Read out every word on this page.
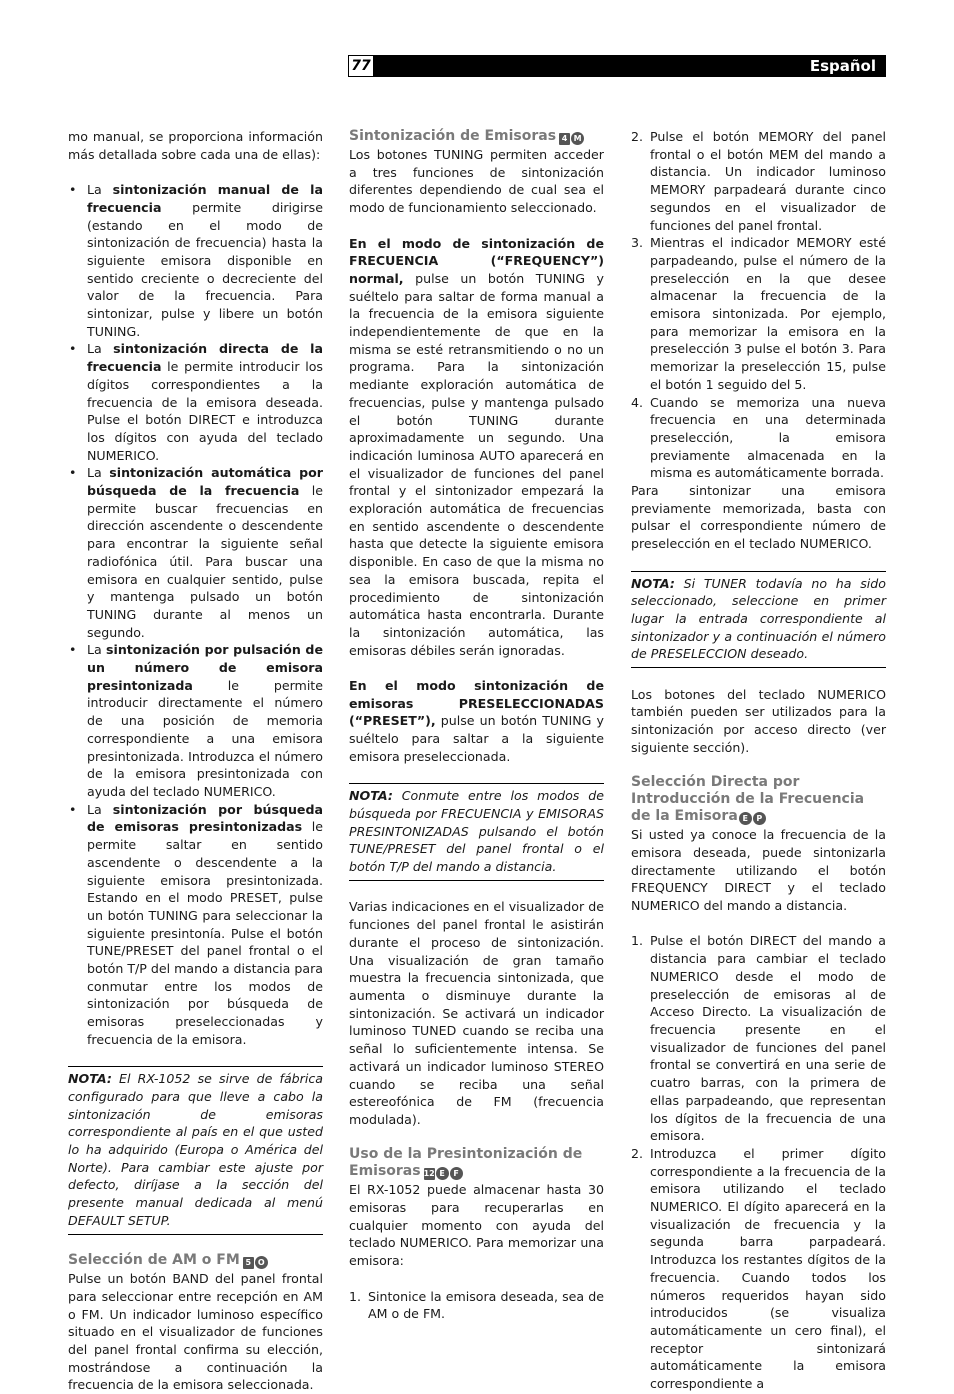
77	Español

mo manual, se proporciona información más detallada sobre cada una de ellas):

• La sintonización manual de la frecuencia permite dirigirse (estando en el modo de sintonización de frecuencia) hasta la siguiente emisora disponible en sentido creciente o decreciente del valor de la frecuencia. Para sintonizar, pulse y libere un botón TUNING.
• La sintonización directa de la frecuencia le permite introducir los dígitos correspondientes a la frecuencia de la emisora deseada. Pulse el botón DIRECT e introduzca los dígitos con ayuda del teclado NUMERICO.
• La sintonización automática por búsqueda de la frecuencia le permite buscar frecuencias en dirección ascendente o descendente para encontrar la siguiente señal radiofónica útil. Para buscar una emisora en cualquier sentido, pulse y mantenga pulsado un botón TUNING durante al menos un segundo.
• La sintonización por pulsación de un número de emisora presintonizada le permite introducir directamente el número de una posición de memoria correspondiente a una emisora presintonizada. Introduzca el número de la emisora presintonizada con ayuda del teclado NUMERICO.
• La sintonización por búsqueda de emisoras presintonizadas le permite saltar en sentido ascendente o descendente a la siguiente emisora presintonizada. Estando en el modo PRESET, pulse un botón TUNING para seleccionar la siguiente presintonía. Pulse el botón TUNE/PRESET del panel frontal o el botón T/P del mando a distancia para conmutar entre los modos de sintonización por búsqueda de emisoras preseleccionadas y frecuencia de la emisora.
NOTA: El RX-1052 se sirve de fábrica configurado para que lleve a cabo la sintonización de emisoras correspondiente al país en el que usted lo ha adquirido (Europa o América del Norte). Para cambiar este ajuste por defecto, diríjase a la sección del presente manual dedicada al menú DEFAULT SETUP.
Selección de AM o FM 5 O

Pulse un botón BAND del panel frontal para seleccionar entre recepción en AM o FM. Un indicador luminoso específico situado en el visualizador de funciones del panel frontal confirma su elección, mostrándose a continuación la frecuencia de la emisora seleccionada.

Sintonización de Emisoras 4 M

Los botones TUNING permiten acceder a tres funciones de sintonización diferentes dependiendo de cual sea el modo de funcionamiento seleccionado.

En el modo de sintonización de FRECUENCIA (“FREQUENCY”) normal, pulse un botón TUNING y suéltelo para saltar de forma manual a la frecuencia de la emisora siguiente independientemente de que en la misma se esté retransmitiendo o no un programa. Para la sintonización mediante exploración automática de frecuencias, pulse y mantenga pulsado el botón TUNING durante aproximadamente un segundo. Una indicación luminosa AUTO aparecerá en el visualizador de funciones del panel frontal y el sintonizador empezará la exploración automática de frecuencias en sentido ascendente o descendente hasta que detecte la siguiente emisora disponible. En caso de que la misma no sea la emisora buscada, repita el procedimiento de sintonización automática hasta encontrarla. Durante la sintonización automática, las emisoras débiles serán ignoradas.

En el modo sintonización de emisoras PRESELECCIONADAS (“PRESET”), pulse un botón TUNING y suéltelo para saltar a la siguiente emisora preseleccionada.

NOTA: Conmute entre los modos de búsqueda por FRECUENCIA y EMISORAS PRESINTONIZADAS pulsando el botón TUNE/PRESET del panel frontal o el botón T/P del mando a distancia.

Varias indicaciones en el visualizador de funciones del panel frontal le asistirán durante el proceso de sintonización. Una visualización de gran tamaño muestra la frecuencia sintonizada, que aumenta o disminuye durante la sintonización. Se activará un indicador luminoso TUNED cuando se reciba una señal lo suficientemente intensa. Se activará un indicador luminoso STEREO cuando se reciba una señal estereofónica de FM (frecuencia modulada).

Uso de la Presintonización de Emisoras 12 E F

El RX-1052 puede almacenar hasta 30 emisoras para recuperarlas en cualquier momento con ayuda del teclado NUMERICO. Para memorizar una emisora:

1. Sintonice la emisora deseada, sea de AM o de FM.
2. Pulse el botón MEMORY del panel frontal o el botón MEM del mando a distancia. Un indicador luminoso MEMORY parpadeará durante cinco segundos en el visualizador de funciones del panel frontal.
3. Mientras el indicador MEMORY esté parpadeando, pulse el número de la preselección en la que desee almacenar la frecuencia de la emisora sintonizada. Por ejemplo, para memorizar la emisora en la preselección 3 pulse el botón 3. Para memorizar la preselección 15, pulse el botón 1 seguido del 5.
4. Cuando se memoriza una nueva frecuencia en una determinada preselección, la emisora previamente almacenada en la misma es automáticamente borrada.

Para sintonizar una emisora previamente memorizada, basta con pulsar el correspondiente número de preselección en el teclado NUMERICO.

NOTA: Si TUNER todavía no ha sido seleccionado, seleccione en primer lugar la entrada correspondiente al sintonizador y a continuación el número de PRESELECCION deseado.

Los botones del teclado NUMERICO también pueden ser utilizados para la sintonización por acceso directo (ver siguiente sección).

Selección Directa por Introducción de la Frecuencia de la Emisora E P

Si usted ya conoce la frecuencia de la emisora deseada, puede sintonizarla directamente utilizando el botón FREQUENCY DIRECT y el teclado NUMERICO del mando a distancia.

1. Pulse el botón DIRECT del mando a distancia para cambiar el teclado NUMERICO desde el modo de preselección de emisoras al de Acceso Directo. La visualización de frecuencia presente en el visualizador de funciones del panel frontal se convertirá en una serie de cuatro barras, con la primera de ellas parpadeando, que representan los dígitos de la frecuencia de una emisora.
2. Introduzca el primer dígito correspondiente a la frecuencia de la emisora utilizando el teclado NUMERICO. El dígito aparecerá en la visualización de frecuencia y la segunda barra parpadeará. Introduzca los restantes dígitos de la frecuencia. Cuando todos los números requeridos hayan sido introducidos (se visualiza automáticamente un cero final), el receptor sintonizará automáticamente la emisora correspondiente a
